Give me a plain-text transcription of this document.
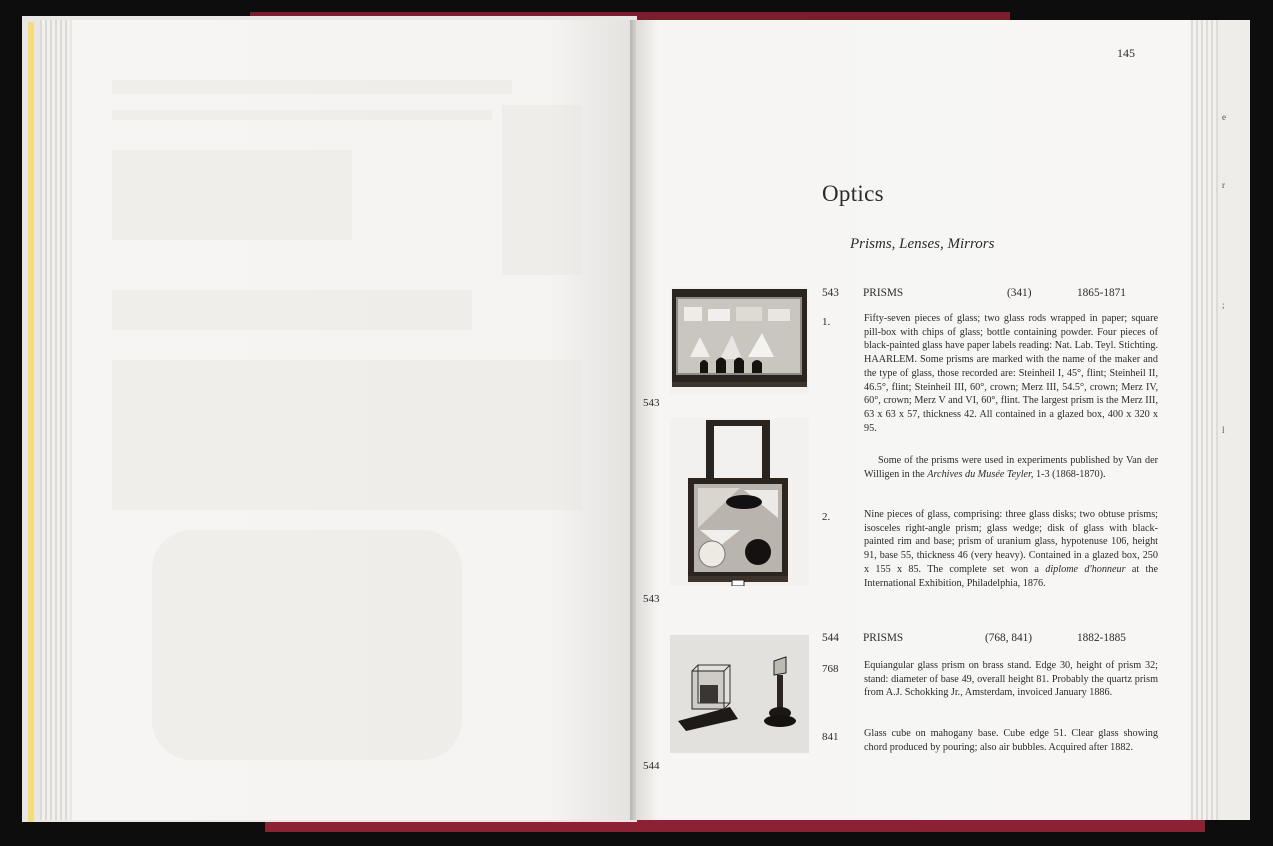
145
Optics
Prisms, Lenses, Mirrors
543
543
544
543 PRISMS	(341)	1865-1871
1.	Fifty-seven pieces of glass; two glass rods wrapped in paper; square pill-box with chips of glass; bottle containing powder. Four pieces of black-painted glass have paper labels reading: Nat. Lab. Teyl. Stichting. HAARLEM. Some prisms are marked with the name of the maker and the type of glass, those recorded are: Steinheil I, 45°, flint; Steinheil II, 46.5°, flint; Steinheil III, 60°, crown; Merz III, 54.5°, crown; Merz IV, 60°, crown; Merz V and VI, 60°, flint. The largest prism is the Merz III, 63 x 63 x 57, thickness 42. All contained in a glazed box, 400 x 320 x 95.

Some of the prisms were used in experiments published by Van der Willigen in the Archives du Musée Teyler, 1-3 (1868-1870).

2.	Nine pieces of glass, comprising: three glass disks; two obtuse prisms; isosceles right-angle prism; glass wedge; disk of glass with black-painted rim and base; prism of uranium glass, hypotenuse 106, height 91, base 55, thickness 46 (very heavy). Contained in a glazed box, 250 x 155 x 85. The complete set won a diplome d'honneur at the International Exhibition, Philadelphia, 1876.

544 PRISMS	(768, 841)	1882-1885
768	Equiangular glass prism on brass stand. Edge 30, height of prism 32; stand: diameter of base 49, overall height 81. Probably the quartz prism from A.J. Schokking Jr., Amsterdam, invoiced January 1886.

841	Glass cube on mahogany base. Cube edge 51. Clear glass showing chord produced by pouring; also air bubbles. Acquired after 1882.

e
r
;
l
